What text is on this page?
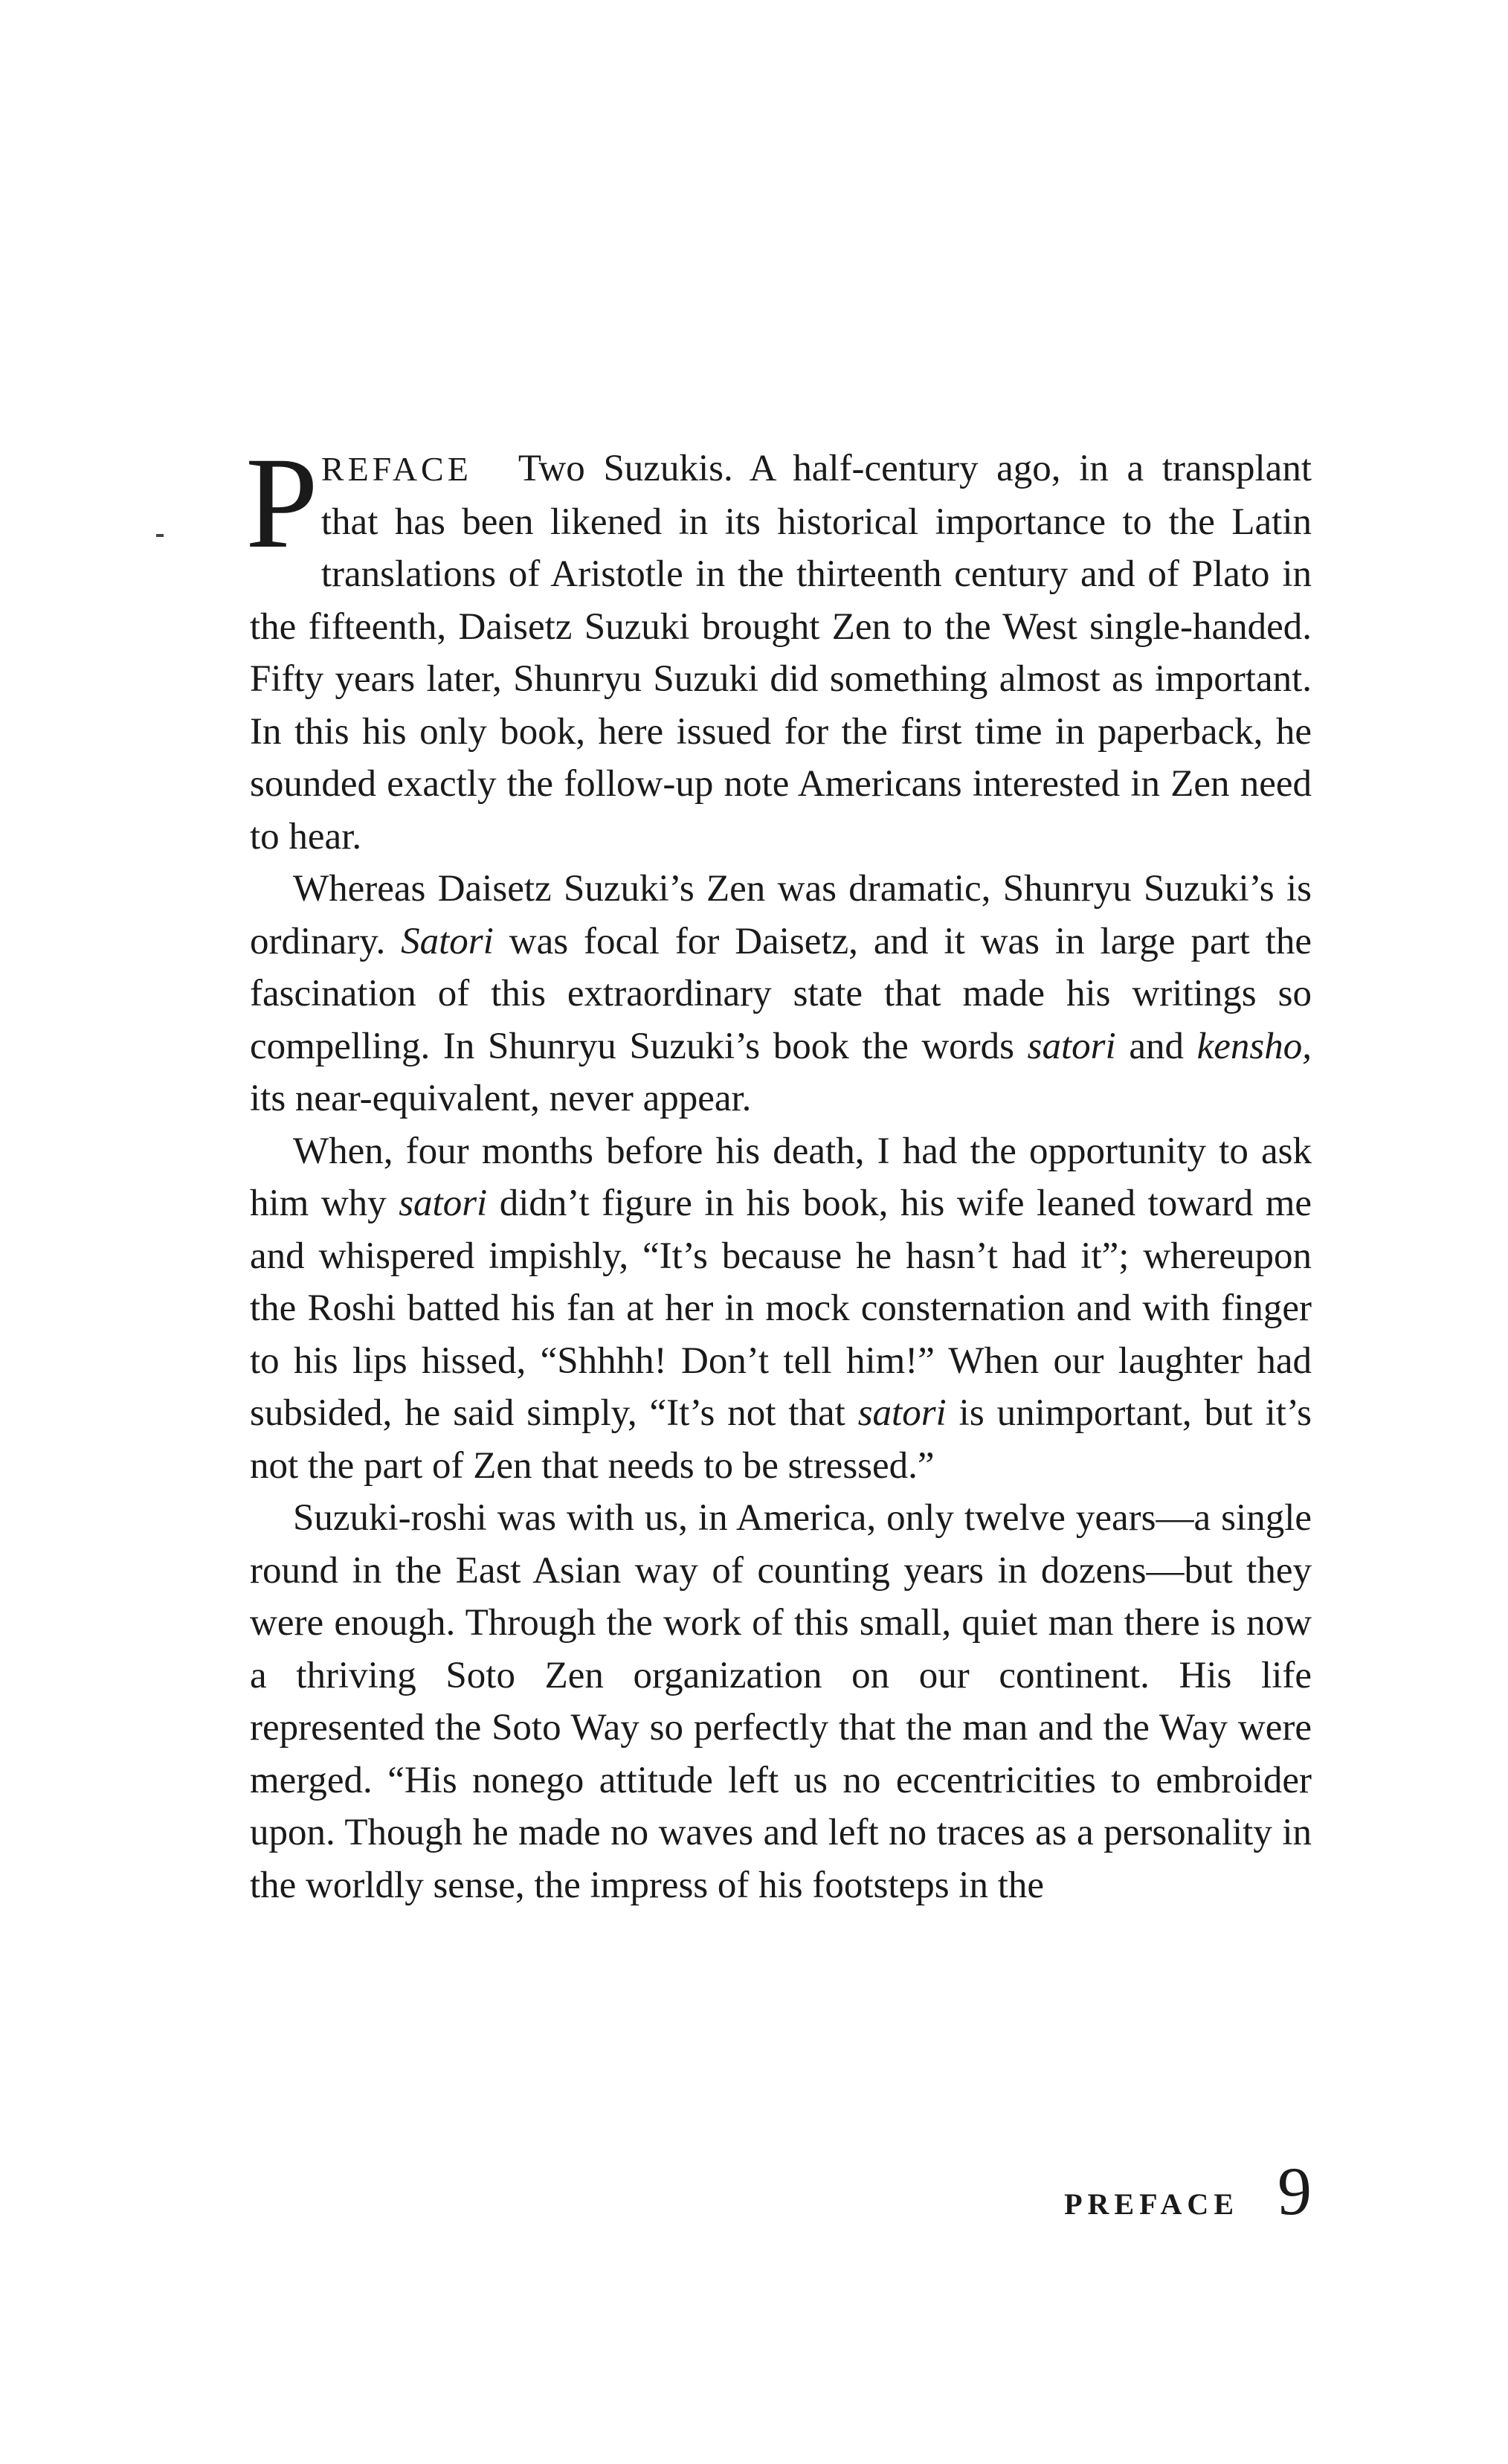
PREFACE Two Suzukis. A half-century ago, in a transplant that has been likened in its historical importance to the Latin translations of Aristotle in the thirteenth century and of Plato in the fifteenth, Daisetz Suzuki brought Zen to the West single-handed. Fifty years later, Shunryu Suzuki did something almost as important. In this his only book, here issued for the first time in paperback, he sounded exactly the follow-up note Americans interested in Zen need to hear.

Whereas Daisetz Suzuki’s Zen was dramatic, Shunryu Suzuki’s is ordinary. Satori was focal for Daisetz, and it was in large part the fascination of this extraordinary state that made his writings so compelling. In Shunryu Suzuki’s book the words satori and kensho, its near-equivalent, never appear.

When, four months before his death, I had the opportunity to ask him why satori didn’t figure in his book, his wife leaned toward me and whispered impishly, “It’s because he hasn’t had it”; whereupon the Roshi batted his fan at her in mock consternation and with finger to his lips hissed, “Shhhh! Don’t tell him!” When our laughter had subsided, he said simply, “It’s not that satori is unimportant, but it’s not the part of Zen that needs to be stressed.”

Suzuki-roshi was with us, in America, only twelve years—a single round in the East Asian way of counting years in dozens—but they were enough. Through the work of this small, quiet man there is now a thriving Soto Zen organization on our continent. His life represented the Soto Way so perfectly that the man and the Way were merged. “His nonego attitude left us no eccentricities to embroider upon. Though he made no waves and left no traces as a personality in the worldly sense, the impress of his footsteps in the

PREFACE 9
